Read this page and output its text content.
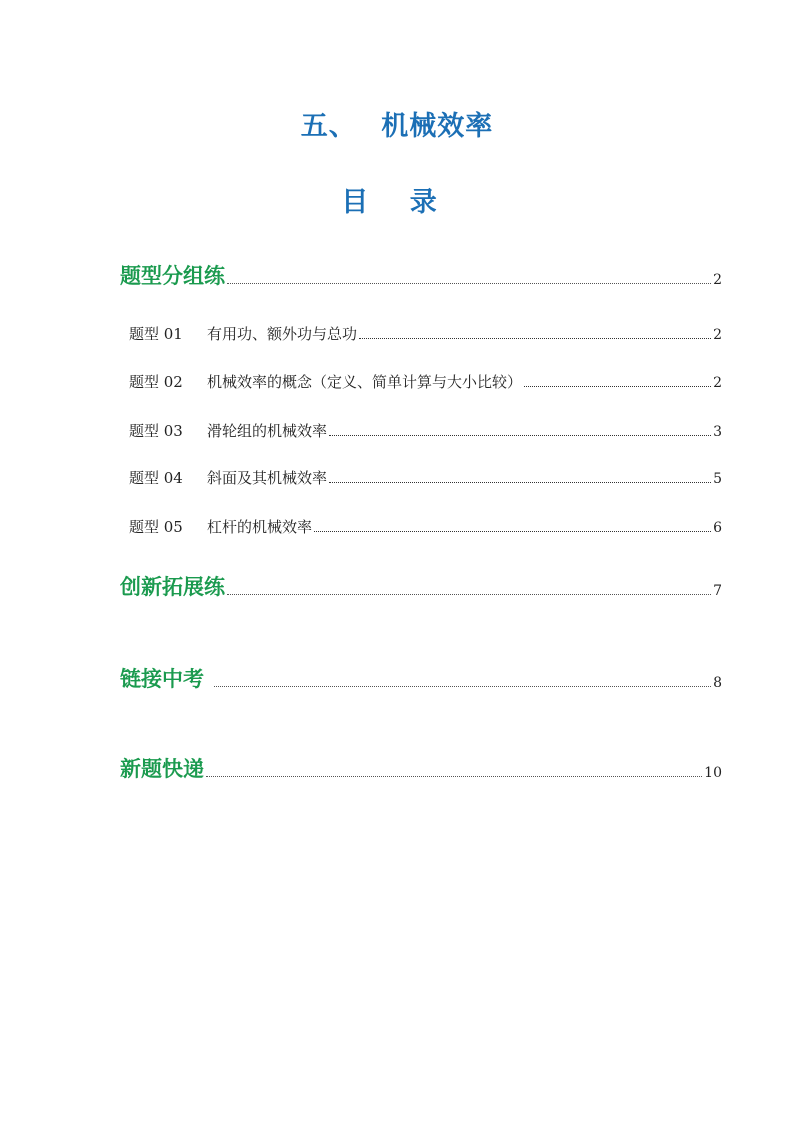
五、 机械效率
目 录
题型分组练	2
题型 01	有用功、额外功与总功	2
题型 02	机械效率的概念（定义、简单计算与大小比较）	2
题型 03	滑轮组的机械效率	3
题型 04	斜面及其机械效率	5
题型 05	杠杆的机械效率	6
创新拓展练	7
链接中考	8
新题快递	10
